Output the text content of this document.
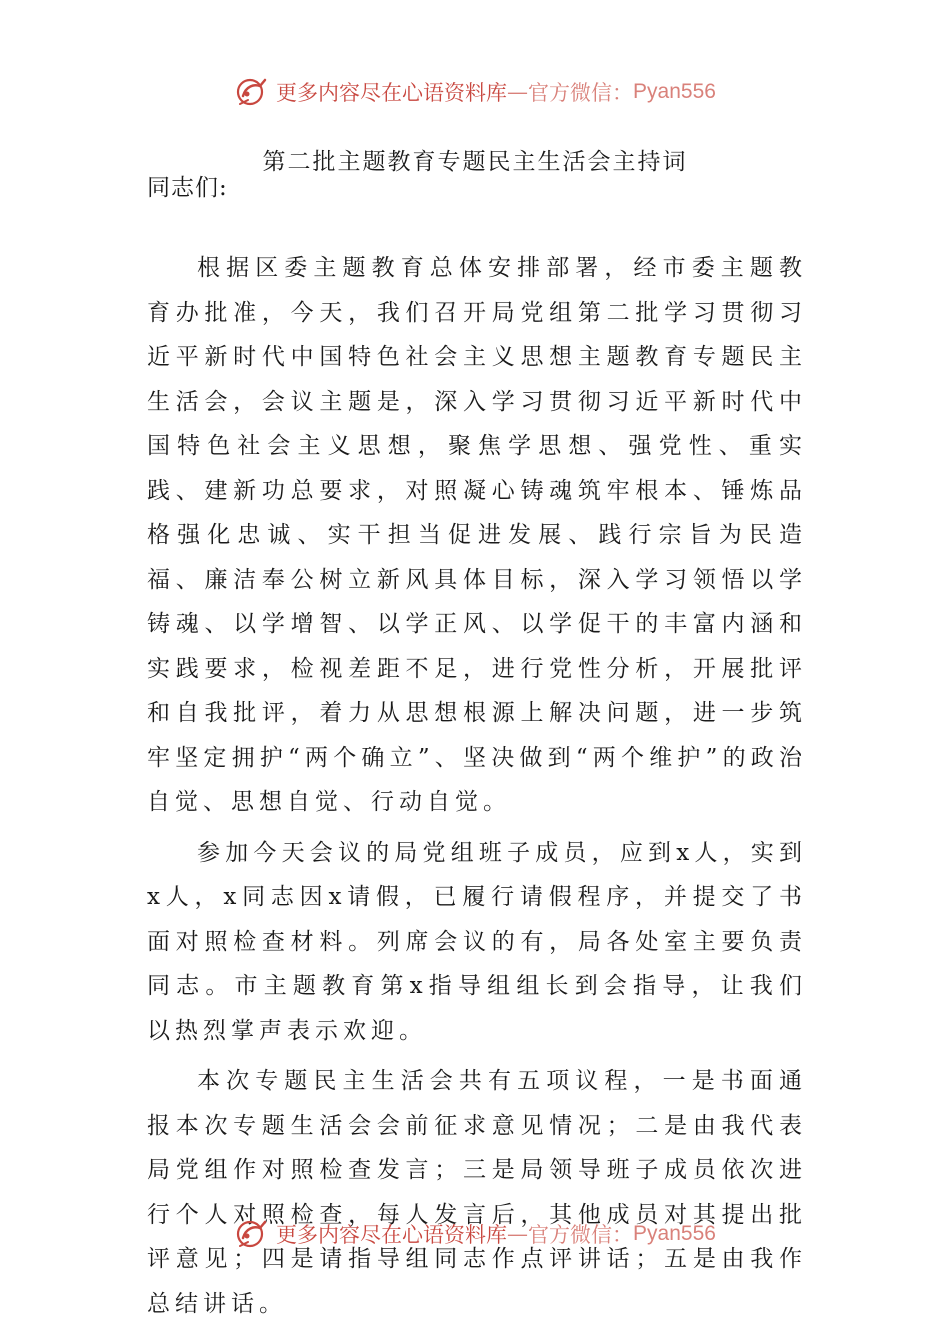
更多内容尽在心语资料库 — 官方微信： Pyan556
第二批主题教育专题民主生活会主持词
同志们:

根据区委主题教育总体安排部署，经市委主题教育办批准，今天，我们召开局党组第二批学习贯彻习近平新时代中国特色社会主义思想主题教育专题民主生活会，会议主题是，深入学习贯彻习近平新时代中国特色社会主义思想，聚焦学思想、强党性、重实践、建新功总要求，对照凝心铸魂筑牢根本、锤炼品格强化忠诚、实干担当促进发展、践行宗旨为民造福、廉洁奉公树立新风具体目标，深入学习领悟以学铸魂、以学增智、以学正风、以学促干的丰富内涵和实践要求，检视差距不足，进行党性分析，开展批评和自我批评，着力从思想根源上解决问题，进一步筑牢坚定拥护“两个确立”、坚决做到“两个维护”的政治自觉、思想自觉、行动自觉。

参加今天会议的局党组班子成员，应到x人，实到x人，x同志因x请假，已履行请假程序，并提交了书面对照检查材料。列席会议的有，局各处室主要负责同志。市主题教育第x指导组组长到会指导，让我们以热烈掌声表示欢迎。

本次专题民主生活会共有五项议程，一是书面通报本次专题生活会会前征求意见情况；二是由我代表局党组作对照检查发言；三是局领导班子成员依次进行个人对照检查，每人发言后，其他成员对其提出批评意见；四是请指导组同志作点评讲话；五是由我作总结讲话。

更多内容尽在心语资料库 — 官方微信： Pyan556
